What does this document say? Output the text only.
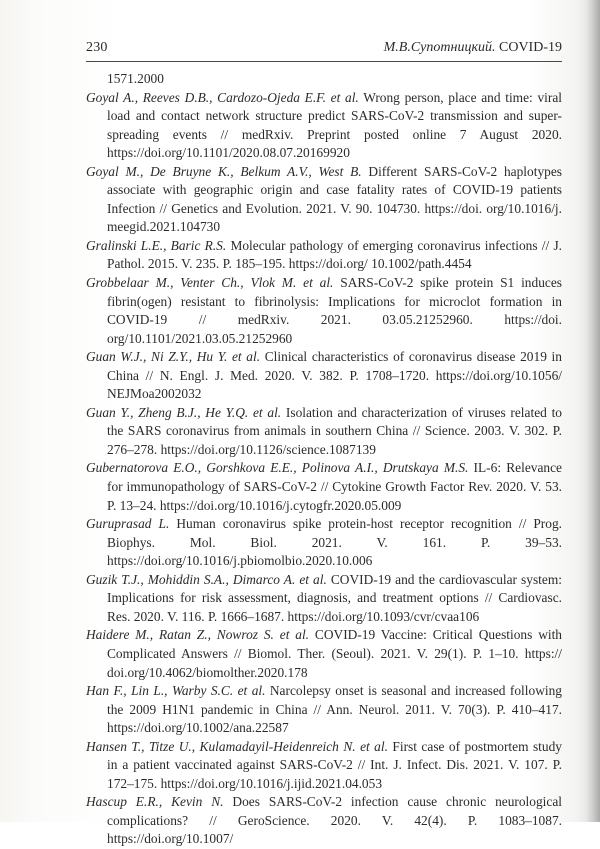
230	М.В.Супотницкий. COVID-19

1571.2000

Goyal A., Reeves D.B., Cardozo-Ojeda E.F. et al. Wrong person, place and time: viral load and contact network structure predict SARS-CoV-2 transmission and super-spreading events // medRxiv. Preprint posted online 7 August 2020. https://doi.org/10.1101/2020.08.07.20169920

Goyal M., De Bruyne K., Belkum A.V., West B. Different SARS-CoV-2 haplotypes associate with geographic origin and case fatality rates of COVID-19 patients Infection // Genetics and Evolution. 2021. V. 90. 104730. https://doi. org/10.1016/j. meegid.2021.104730

Gralinski L.E., Baric R.S. Molecular pathology of emerging coronavirus infections // J. Pathol. 2015. V. 235. P. 185–195. https://doi.org/ 10.1002/path.4454

Grobbelaar M., Venter Ch., Vlok M. et al. SARS-CoV-2 spike protein S1 induces fibrin(ogen) resistant to fibrinolysis: Implications for microclot formation in COVID-19 // medRxiv. 2021. 03.05.21252960. https://doi. org/10.1101/2021.03.05.21252960

Guan W.J., Ni Z.Y., Hu Y. et al. Clinical characteristics of coronavirus disease 2019 in China // N. Engl. J. Med. 2020. V. 382. P. 1708–1720. https://doi.org/10.1056/ NEJMoa2002032

Guan Y., Zheng B.J., He Y.Q. et al. Isolation and characterization of viruses related to the SARS coronavirus from animals in southern China // Science. 2003. V. 302. P. 276–278. https://doi.org/10.1126/science.1087139

Gubernatorova E.O., Gorshkova E.E., Polinova A.I., Drutskaya M.S. IL-6: Relevance for immunopathology of SARS-CoV-2 // Cytokine Growth Factor Rev. 2020. V. 53. P. 13–24. https://doi.org/10.1016/j.cytogfr.2020.05.009

Guruprasad L. Human coronavirus spike protein-host receptor recognition // Prog. Biophys. Mol. Biol. 2021. V. 161. P. 39–53. https://doi.org/10.1016/j.pbiomolbio.2020.10.006

Guzik T.J., Mohiddin S.A., Dimarco A. et al. COVID-19 and the cardiovascular system: Implications for risk assessment, diagnosis, and treatment options // Cardiovasc. Res. 2020. V. 116. P. 1666–1687. https://doi.org/10.1093/cvr/cvaa106

Haidere M., Ratan Z., Nowroz S. et al. COVID-19 Vaccine: Critical Questions with Complicated Answers // Biomol. Ther. (Seoul). 2021. V. 29(1). P. 1–10. https:// doi.org/10.4062/biomolther.2020.178

Han F., Lin L., Warby S.C. et al. Narcolepsy onset is seasonal and increased following the 2009 H1N1 pandemic in China // Ann. Neurol. 2011. V. 70(3). P. 410–417. https://doi.org/10.1002/ana.22587

Hansen T., Titze U., Kulamadayil-Heidenreich N. et al. First case of postmortem study in a patient vaccinated against SARS-CoV-2 // Int. J. Infect. Dis. 2021. V. 107. P. 172–175. https://doi.org/10.1016/j.ijid.2021.04.053

Hascup E.R., Kevin N. Does SARS-CoV-2 infection cause chronic neurological complications? // GeroScience. 2020. V. 42(4). P. 1083–1087. https://doi.org/10.1007/
